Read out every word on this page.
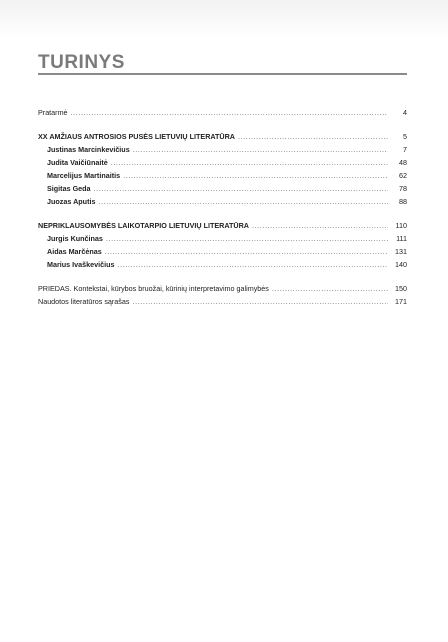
TURINYS
Pratarmė .....	4
XX AMŽIAUS ANTROSIOS PUSĖS LIETUVIŲ LITERATŪRA .....	5
Justinas Marcinkevičius .....	7
Judita Vaičiūnaitė .....	48
Marcelijus Martinaitis .....	62
Sigitas Geda .....	78
Juozas Aputis .....	88
NEPRIKLAUSOMYBĖS LAIKOTARPIO LIETUVIŲ LITERATŪRA .....	110
Jurgis Kunčinas .....	111
Aidas Marčėnas .....	131
Marius Ivaškevičius .....	140
PRIEDAS. Kontekstai, kūrybos bruožai, kūrinių interpretavimo galimybės .....	150
Naudotos literatūros sąrašas .....	171
